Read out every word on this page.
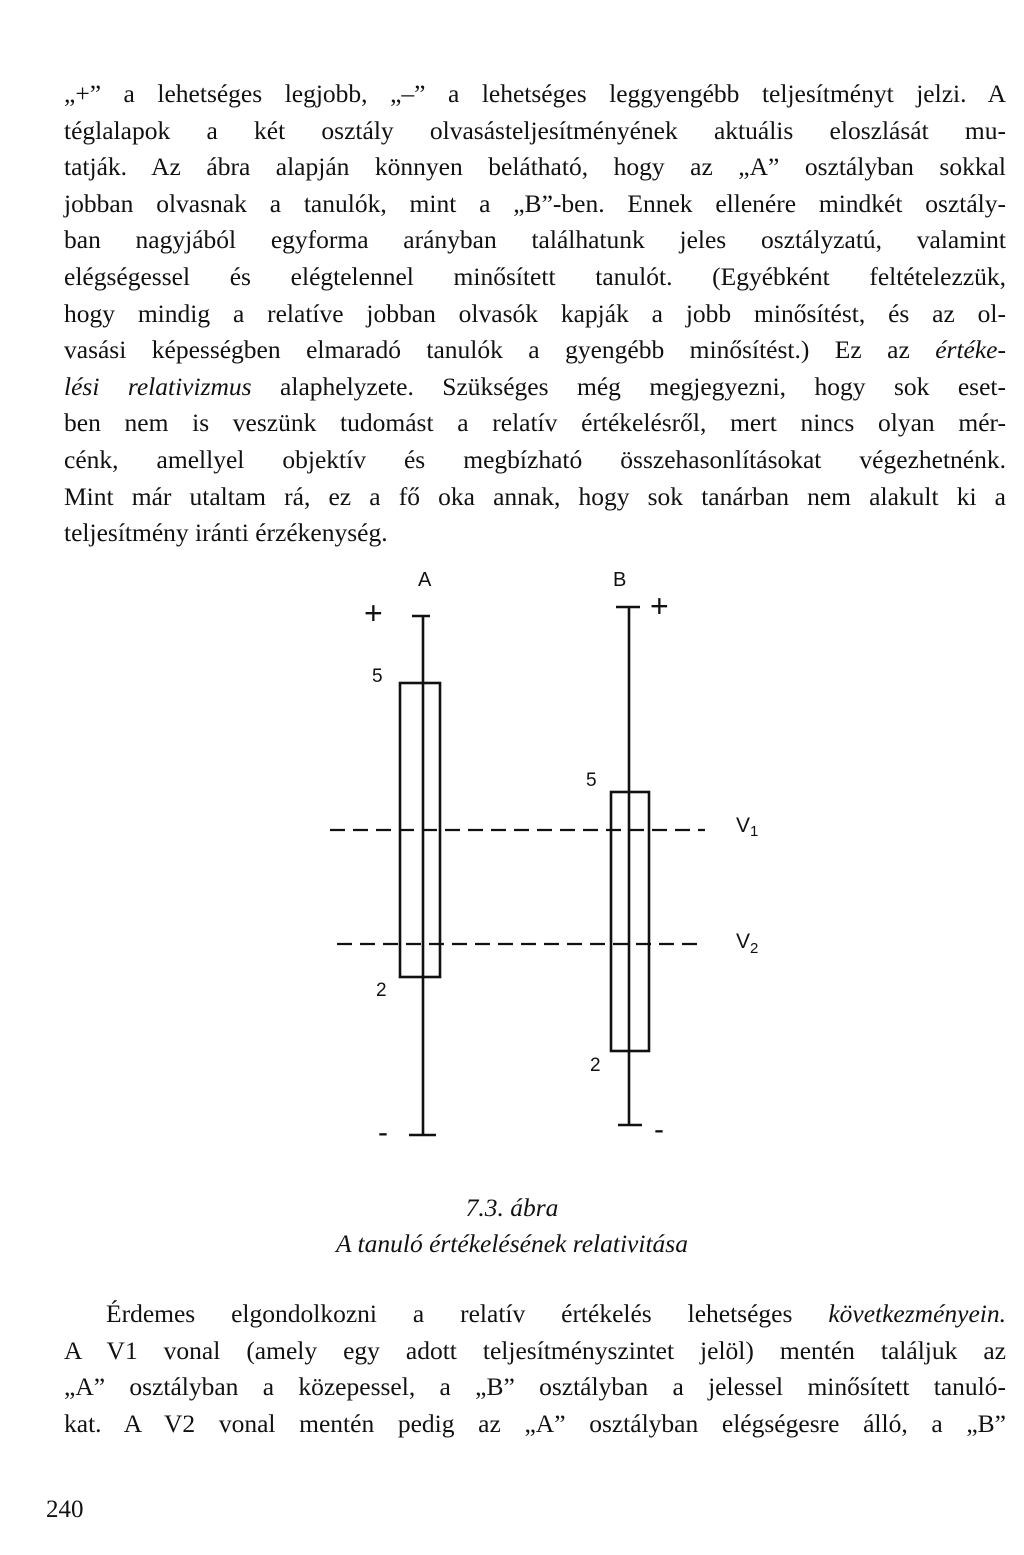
„+” a lehetséges legjobb, „–” a lehetséges leggyengébb teljesítményt jelzi. A
téglalapok a két osztály olvasásteljesítményének aktuális eloszlását mu-
tatják. Az ábra alapján könnyen belátható, hogy az „A” osztályban sokkal
jobban olvasnak a tanulók, mint a „B”-ben. Ennek ellenére mindkét osztály-
ban nagyjából egyforma arányban találhatunk jeles osztályzatú, valamint
elégségessel és elégtelennel minősített tanulót. (Egyébként feltételezzük,
hogy mindig a relatíve jobban olvasók kapják a jobb minősítést, és az ol-
vasási képességben elmaradó tanulók a gyengébb minősítést.) Ez az értéke-
lési relativizmus alaphelyzete. Szükséges még megjegyezni, hogy sok eset-
ben nem is veszünk tudomást a relatív értékelésről, mert nincs olyan mér-
cénk, amellyel objektív és megbízható összehasonlításokat végezhetnénk.
Mint már utaltam rá, ez a fő oka annak, hogy sok tanárban nem alakult ki a
teljesítmény iránti érzékenység.
A	B
+	+
-	-
5
2
5
2
V1
$V_2$
7.3. ábra
A tanuló értékelésének relativitása
Érdemes elgondolkozni a relatív értékelés lehetséges következményein.
A V1 vonal (amely egy adott teljesítményszintet jelöl) mentén találjuk az
„A” osztályban a közepessel, a „B” osztályban a jelessel minősített tanuló-
kat. A V2 vonal mentén pedig az „A” osztályban elégségesre álló, a „B”
240
